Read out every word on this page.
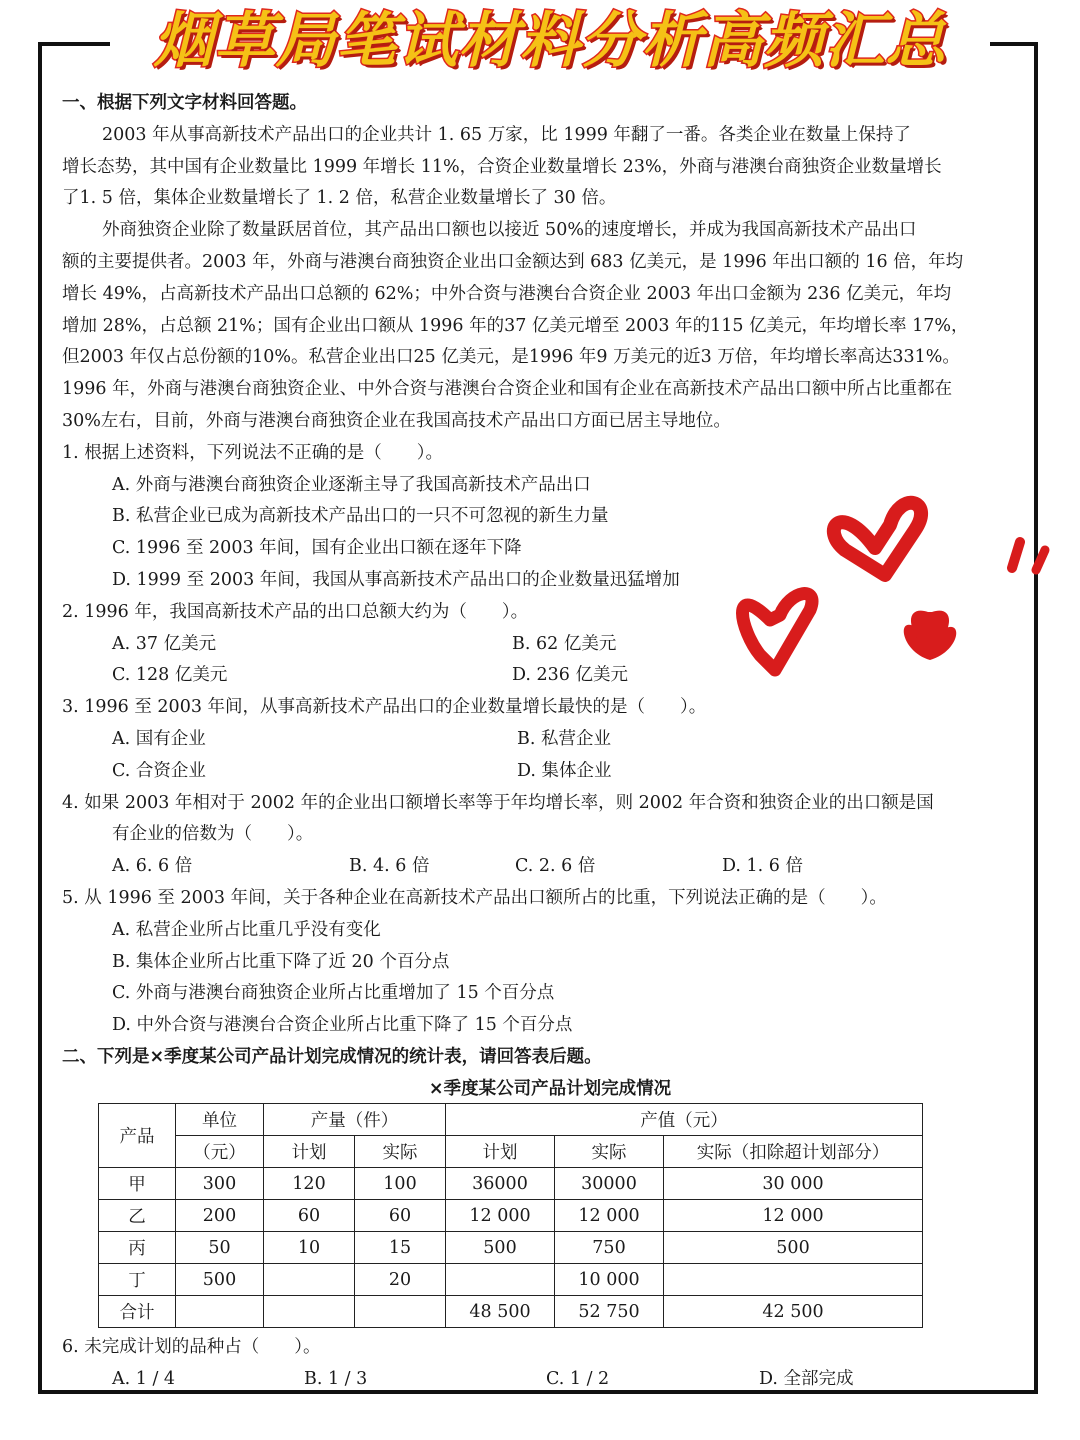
烟草局笔试材料分析高频汇总
一、根据下列文字材料回答题。
2003 年从事高新技术产品出口的企业共计 1. 65 万家，比 1999 年翻了一番。各类企业在数量上保持了
增长态势，其中国有企业数量比 1999 年增长 11%，合资企业数量增长 23%，外商与港澳台商独资企业数量增长
了1. 5 倍，集体企业数量增长了 1. 2 倍，私营企业数量增长了 30 倍。
外商独资企业除了数量跃居首位，其产品出口额也以接近 50%的速度增长，并成为我国高新技术产品出口
额的主要提供者。2003 年，外商与港澳台商独资企业出口金额达到 683 亿美元，是 1996 年出口额的 16 倍，年均
增长 49%，占高新技术产品出口总额的 62%；中外合资与港澳台合资企业 2003 年出口金额为 236 亿美元，年均
增加 28%，占总额 21%；国有企业出口额从 1996 年的37 亿美元增至 2003 年的115 亿美元，年均增长率 17%，
但2003 年仅占总份额的10%。私营企业出口25 亿美元，是1996 年9 万美元的近3 万倍，年均增长率高达331%。
1996 年，外商与港澳台商独资企业、中外合资与港澳台合资企业和国有企业在高新技术产品出口额中所占比重都在
30%左右，目前，外商与港澳台商独资企业在我国高技术产品出口方面已居主导地位。
1. 根据上述资料，下列说法不正确的是（　　）。
A. 外商与港澳台商独资企业逐渐主导了我国高新技术产品出口
B. 私营企业已成为高新技术产品出口的一只不可忽视的新生力量
C. 1996 至 2003 年间，国有企业出口额在逐年下降
D. 1999 至 2003 年间，我国从事高新技术产品出口的企业数量迅猛增加
2. 1996 年，我国高新技术产品的出口总额大约为（　　）。
A. 37 亿美元	B. 62 亿美元
C. 128 亿美元	D. 236 亿美元
3. 1996 至 2003 年间，从事高新技术产品出口的企业数量增长最快的是（　　）。
A. 国有企业	B. 私营企业
C. 合资企业	D. 集体企业
4. 如果 2003 年相对于 2002 年的企业出口额增长率等于年均增长率，则 2002 年合资和独资企业的出口额是国
有企业的倍数为（　　）。
A. 6. 6 倍	B. 4. 6 倍	C. 2. 6 倍	D. 1. 6 倍
5. 从 1996 至 2003 年间，关于各种企业在高新技术产品出口额所占的比重，下列说法正确的是（　　）。
A. 私营企业所占比重几乎没有变化
B. 集体企业所占比重下降了近 20 个百分点
C. 外商与港澳台商独资企业所占比重增加了 15 个百分点
D. 中外合资与港澳台合资企业所占比重下降了 15 个百分点
二、下列是×季度某公司产品计划完成情况的统计表，请回答表后题。
×季度某公司产品计划完成情况
产品	单位	产量（件）		产值（元）		
	（元）	计划	实际	计划	实际	实际（扣除超计划部分）
甲	300	120	100	36000	30000	30 000
乙	200	60	60	12 000	12 000	12 000
丙	50	10	15	500	750	500
丁	500		20		10 000	
合计				48 500	52 750	42 500
6. 未完成计划的品种占（　　）。
A. 1 / 4	B. 1 / 3	C. 1 / 2	D. 全部完成
